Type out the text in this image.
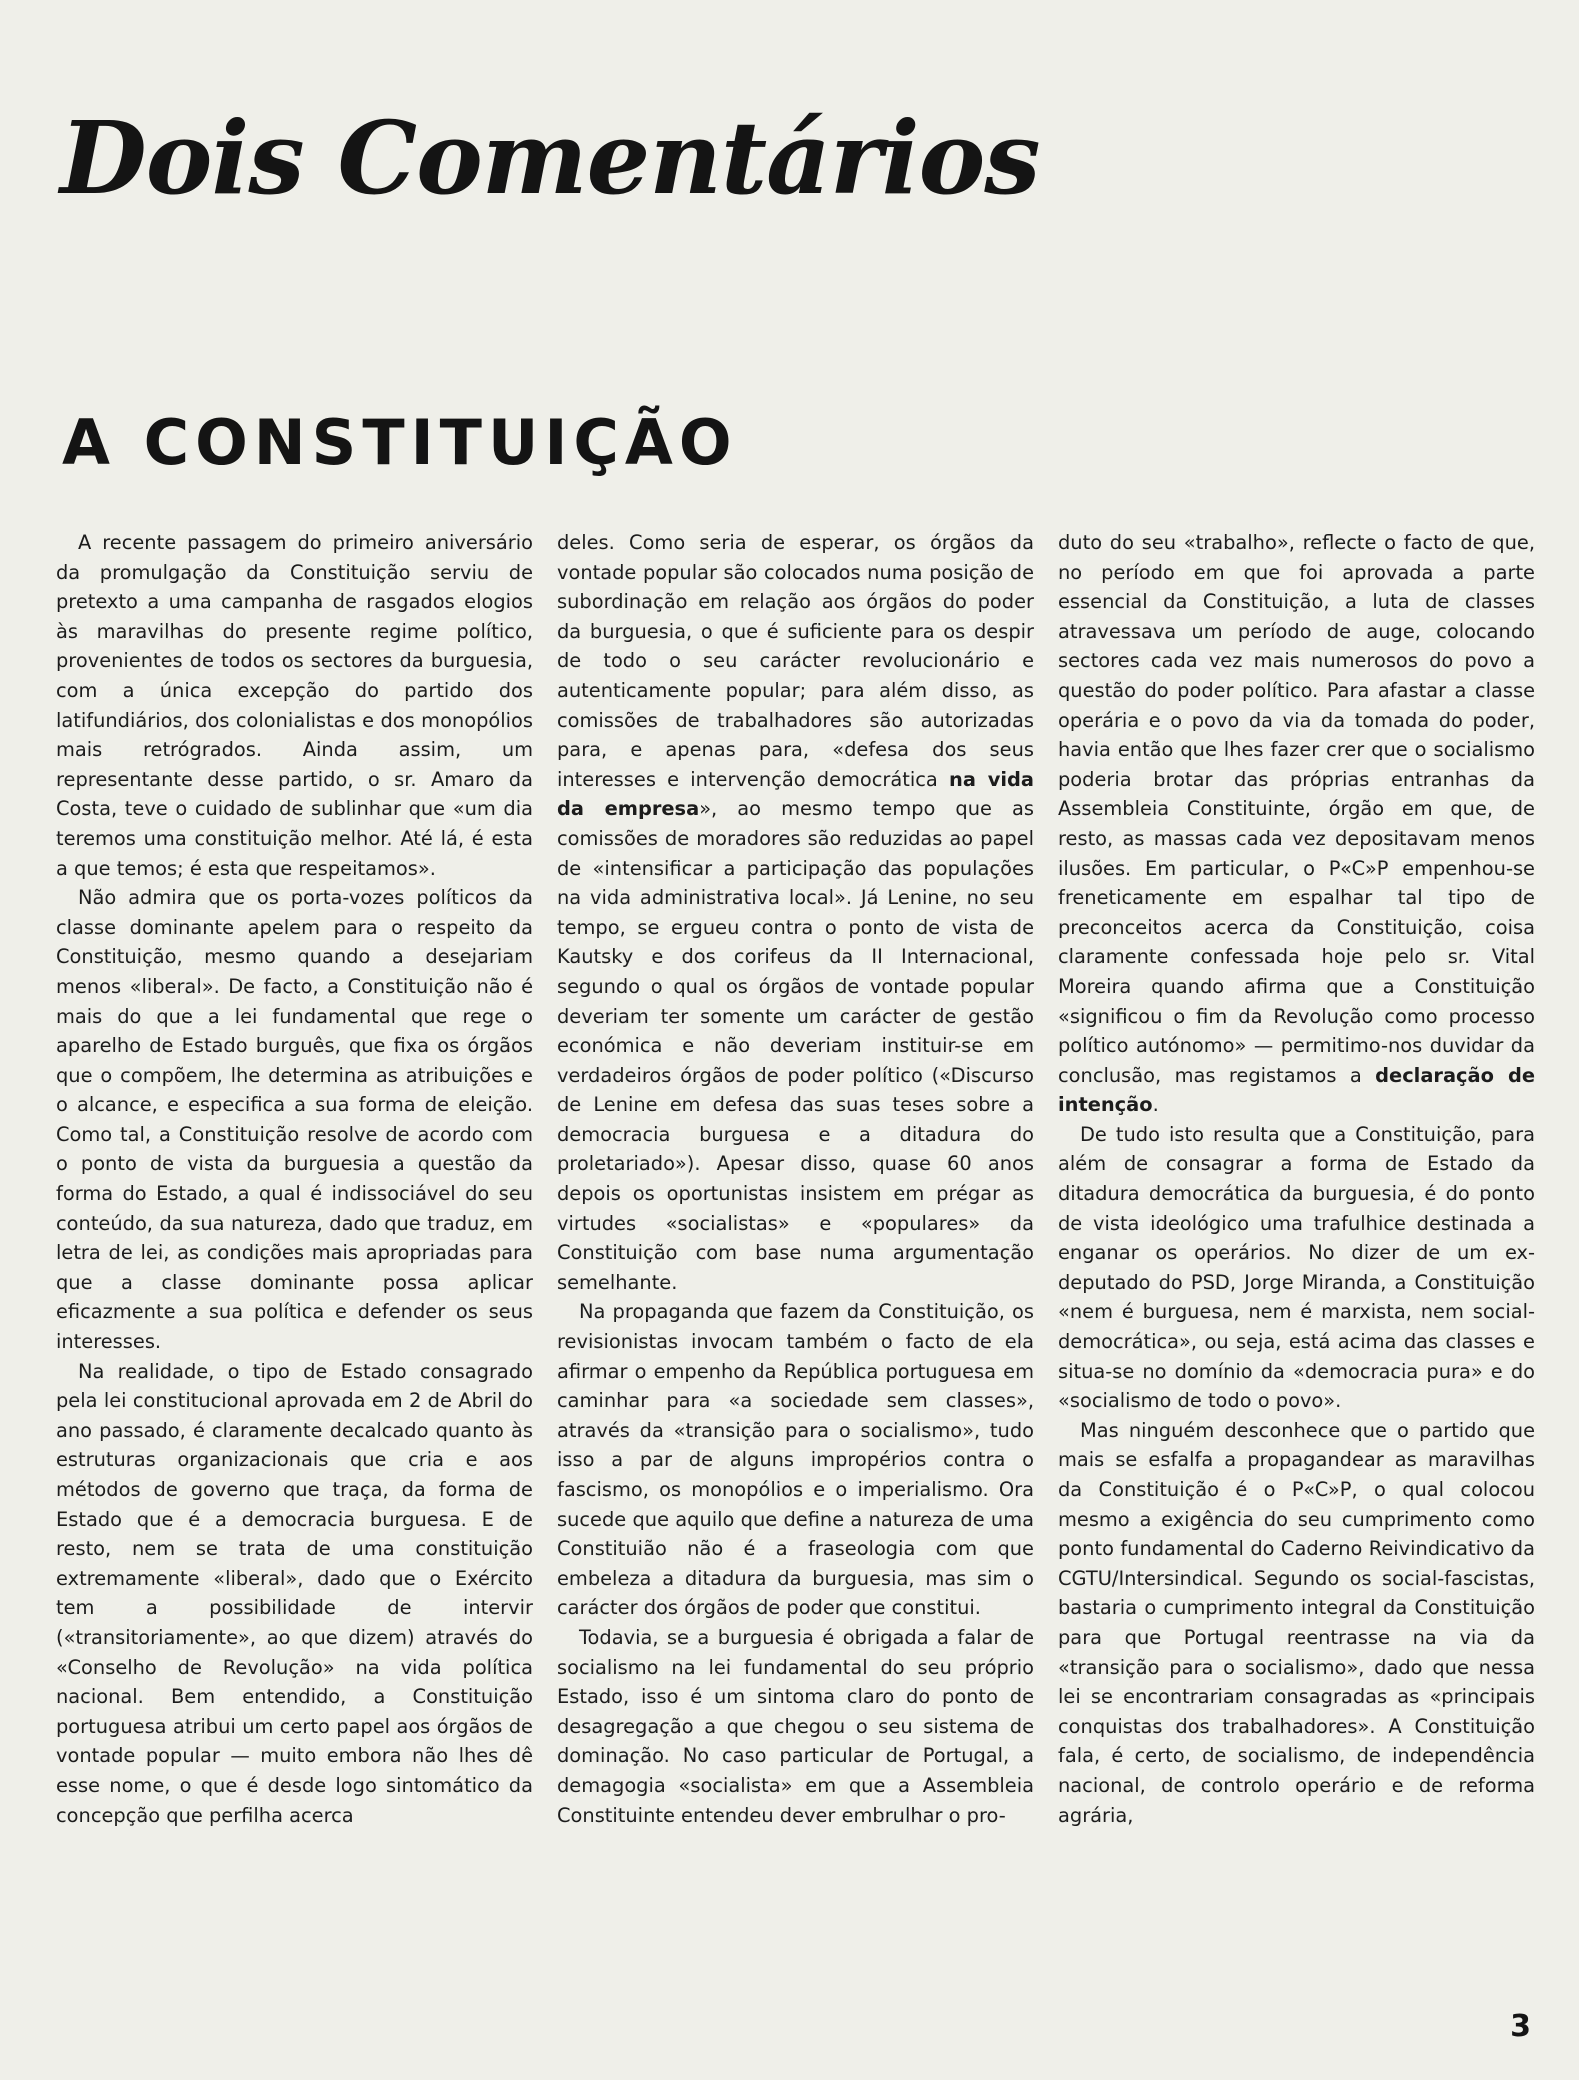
Dois Comentários
A CONSTITUIÇÃO

A recente passagem do primeiro aniversário da promulgação da Constituição serviu de pretexto a uma campanha de rasgados elogios às maravilhas do presente regime político, provenientes de todos os sectores da burguesia, com a única excepção do partido dos latifundiários, dos colonialistas e dos monopólios mais retrógrados. Ainda assim, um representante desse partido, o sr. Amaro da Costa, teve o cuidado de sublinhar que «um dia teremos uma constituição melhor. Até lá, é esta a que temos; é esta que respeitamos».

Não admira que os porta-vozes políticos da classe dominante apelem para o respeito da Constituição, mesmo quando a desejariam menos «liberal». De facto, a Constituição não é mais do que a lei fundamental que rege o aparelho de Estado burguês, que fixa os órgãos que o compõem, lhe determina as atribuições e o alcance, e especifica a sua forma de eleição. Como tal, a Constituição resolve de acordo com o ponto de vista da burguesia a questão da forma do Estado, a qual é indissociável do seu conteúdo, da sua natureza, dado que traduz, em letra de lei, as condições mais apropriadas para que a classe dominante possa aplicar eficazmente a sua política e defender os seus interesses.

Na realidade, o tipo de Estado consagrado pela lei constitucional aprovada em 2 de Abril do ano passado, é claramente decalcado quanto às estruturas organizacionais que cria e aos métodos de governo que traça, da forma de Estado que é a democracia burguesa. E de resto, nem se trata de uma constituição extremamente «liberal», dado que o Exército tem a possibilidade de intervir («transitoriamente», ao que dizem) através do «Conselho de Revolução» na vida política nacional. Bem entendido, a Constituição portuguesa atribui um certo papel aos órgãos de vontade popular — muito embora não lhes dê esse nome, o que é desde logo sintomático da concepção que perfilha acerca

deles. Como seria de esperar, os órgãos da vontade popular são colocados numa posição de subordinação em relação aos órgãos do poder da burguesia, o que é suficiente para os despir de todo o seu carácter revolucionário e autenticamente popular; para além disso, as comissões de trabalhadores são autorizadas para, e apenas para, «defesa dos seus interesses e intervenção democrática na vida da empresa», ao mesmo tempo que as comissões de moradores são reduzidas ao papel de «intensificar a participação das populações na vida administrativa local». Já Lenine, no seu tempo, se ergueu contra o ponto de vista de Kautsky e dos corifeus da II Internacional, segundo o qual os órgãos de vontade popular deveriam ter somente um carácter de gestão económica e não deveriam instituir-se em verdadeiros órgãos de poder político («Discurso de Lenine em defesa das suas teses sobre a democracia burguesa e a ditadura do proletariado»). Apesar disso, quase 60 anos depois os oportunistas insistem em prégar as virtudes «socialistas» e «populares» da Constituição com base numa argumentação semelhante.

Na propaganda que fazem da Constituição, os revisionistas invocam também o facto de ela afirmar o empenho da República portuguesa em caminhar para «a sociedade sem classes», através da «transição para o socialismo», tudo isso a par de alguns impropérios contra o fascismo, os monopólios e o imperialismo. Ora sucede que aquilo que define a natureza de uma Constituião não é a fraseologia com que embeleza a ditadura da burguesia, mas sim o carácter dos órgãos de poder que constitui.

Todavia, se a burguesia é obrigada a falar de socialismo na lei fundamental do seu próprio Estado, isso é um sintoma claro do ponto de desagregação a que chegou o seu sistema de dominação. No caso particular de Portugal, a demagogia «socialista» em que a Assembleia Constituinte entendeu dever embrulhar o pro-

duto do seu «trabalho», reflecte o facto de que, no período em que foi aprovada a parte essencial da Constituição, a luta de classes atravessava um período de auge, colocando sectores cada vez mais numerosos do povo a questão do poder político. Para afastar a classe operária e o povo da via da tomada do poder, havia então que lhes fazer crer que o socialismo poderia brotar das próprias entranhas da Assembleia Constituinte, órgão em que, de resto, as massas cada vez depositavam menos ilusões. Em particular, o P«C»P empenhou-se freneticamente em espalhar tal tipo de preconceitos acerca da Constituição, coisa claramente confessada hoje pelo sr. Vital Moreira quando afirma que a Constituição «significou o fim da Revolução como processo político autónomo» — permitimo-nos duvidar da conclusão, mas registamos a declaração de intenção.

De tudo isto resulta que a Constituição, para além de consagrar a forma de Estado da ditadura democrática da burguesia, é do ponto de vista ideológico uma trafulhice destinada a enganar os operários. No dizer de um ex-deputado do PSD, Jorge Miranda, a Constituição «nem é burguesa, nem é marxista, nem social-democrática», ou seja, está acima das classes e situa-se no domínio da «democracia pura» e do «socialismo de todo o povo».

Mas ninguém desconhece que o partido que mais se esfalfa a propagandear as maravilhas da Constituição é o P«C»P, o qual colocou mesmo a exigência do seu cumprimento como ponto fundamental do Caderno Reivindicativo da CGTU/Intersindical. Segundo os social-fascistas, bastaria o cumprimento integral da Constituição para que Portugal reentrasse na via da «transição para o socialismo», dado que nessa lei se encontrariam consagradas as «principais conquistas dos trabalhadores». A Constituição fala, é certo, de socialismo, de independência nacional, de controlo operário e de reforma agrária,

3
